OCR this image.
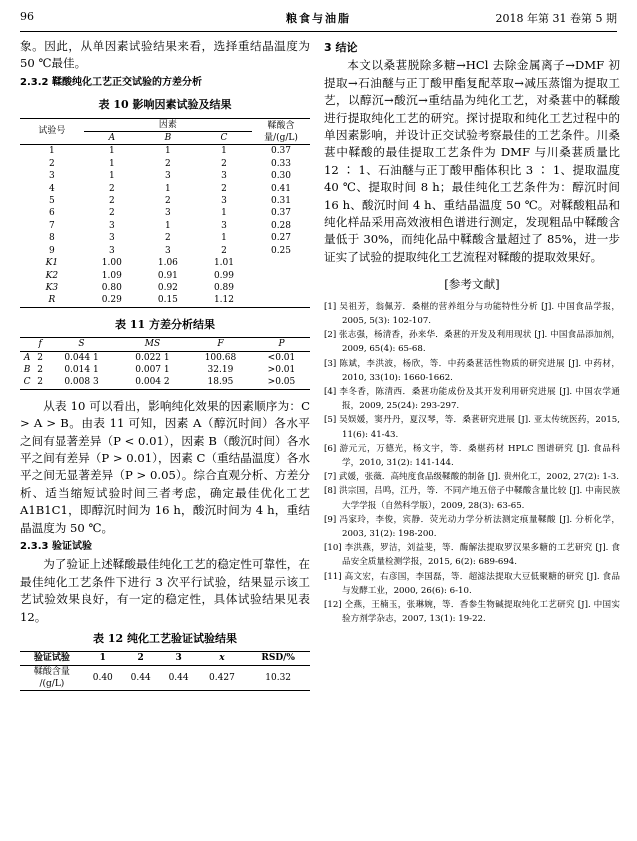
96	粮食与油脂	2018 年第 31 卷第 5 期

象。因此，从单因素试验结果来看，选择重结晶温度为 50 ℃最佳。

2.3.2 鞣酸纯化工艺正交试验的方差分析
表 10 影响因素试验及结果
试验号	因素			鞣酸含量/(g/L)
	A	B	C	
1	1	1	1	0.37
2	1	2	2	0.33
3	1	3	3	0.30
4	2	1	2	0.41
5	2	2	3	0.31
6	2	3	1	0.37
7	3	1	3	0.28
8	3	2	1	0.27
9	3	3	2	0.25
K1	1.00	1.06	1.01	
K2	1.09	0.91	0.99	
K3	0.80	0.92	0.89	
R	0.29	0.15	1.12	
表 11 方差分析结果
	f	S	MS	F	P
A	2	0.044 1	0.022 1	100.68	<0.01
B	2	0.014 1	0.007 1	32.19	>0.01
C	2	0.008 3	0.004 2	18.95	>0.05

从表 10 可以看出，影响纯化效果的因素顺序为：C > A > B。由表 11 可知，因素 A（醇沉时间）各水平之间有显著差异（P < 0.01），因素 B（酸沉时间）各水平之间有差异（P > 0.01），因素 C（重结晶温度）各水平之间无显著差异（P > 0.05）。综合直观分析、方差分析、适当缩短试验时间三者考虑，确定最佳优化工艺 A1B1C1，即醇沉时间为 16 h，酸沉时间为 4 h，重结晶温度为 50 ℃。

2.3.3 验证试验

为了验证上述鞣酸最佳纯化工艺的稳定性可靠性，在最佳纯化工艺条件下进行 3 次平行试验，结果显示该工艺试验效果良好，有一定的稳定性，具体试验结果见表 12。

表 12 纯化工艺验证试验结果
验证试验	1	2	3	x	RSD/%
鞣酸含量
/(g/L)	0.40	0.44	0.44	0.427	10.32
3 结论

本文以桑葚脱除多糖→HCl 去除金属离子→DMF 初提取→石油醚与正丁酸甲酯复配萃取→减压蒸馏为提取工艺，以醇沉→酸沉→重结晶为纯化工艺，对桑葚中的鞣酸进行提取纯化工艺的研究。探讨提取和纯化工艺过程中的单因素影响，并设计正交试验考察最佳的工艺条件。川桑葚中鞣酸的最佳提取工艺条件为 DMF 与川桑葚质量比 12 ∶ 1、石油醚与正丁酸甲酯体积比 3 ∶ 1、提取温度 40 ℃、提取时间 8 h；最佳纯化工艺条件为：醇沉时间 16 h、酸沉时间 4 h、重结晶温度 50 ℃。对鞣酸粗品和纯化样品采用高效液相色谱进行测定，发现粗品中鞣酸含量低于 30%，而纯化品中鞣酸含量超过了 85%，进一步证实了试验的提取纯化工艺流程对鞣酸的提取效果好。

[参考文献]

[1] 吴祖芳，翁佩芳．桑椹的营养组分与功能特性分析 [J]. 中国食品学报，2005, 5(3): 102-107.

[2] 张志强，杨清香，孙来华．桑葚的开发及利用现状 [J]. 中国食品添加剂，2009, 65(4): 65-68.

[3] 陈斌，李洪波，杨欣，等．中药桑葚活性物质的研究进展 [J]. 中药材，2010, 33(10): 1660-1662.

[4] 李冬香，陈清西．桑葚功能成份及其开发利用研究进展 [J]. 中国农学通报，2009, 25(24): 293-297.

[5] 吴娱媛，窦丹丹，夏汉琴，等．桑葚研究进展 [J]. 亚太传统医药，2015, 11(6): 41-43.

[6] 游元元，万德光，杨文宇，等．桑椹药材 HPLC 图谱研究 [J]. 食品科学，2010, 31(2): 141-144.

[7] 武媛，张薇．高纯度食品级鞣酸的制备 [J]. 贵州化工，2002, 27(2): 1-3.

[8] 洪宗国，吕鸣，江丹，等．不同产地五倍子中鞣酸含量比较 [J]. 中南民族大学学报（自然科学版），2009, 28(3): 63-65.

[9] 冯家玲，李俊，宾静．荧光动力学分析法测定痕量鞣酸 [J]. 分析化学，2003, 31(2): 198-200.

[10] 李洪燕，罗洁，刘益斐，等．酶解法提取罗汉果多糖的工艺研究 [J]. 食品安全质量检测学报，2015, 6(2): 689-694.

[11] 高文宏，右彦国，李国磊，等．超滤法提取大豆低聚糖的研究 [J]. 食品与发酵工业，2000, 26(6): 6-10.

[12] 仝燕，王楠玉，张琳婉，等．香参生物碱提取纯化工艺研究 [J]. 中国实验方剂学杂志，2007, 13(1): 19-22.
